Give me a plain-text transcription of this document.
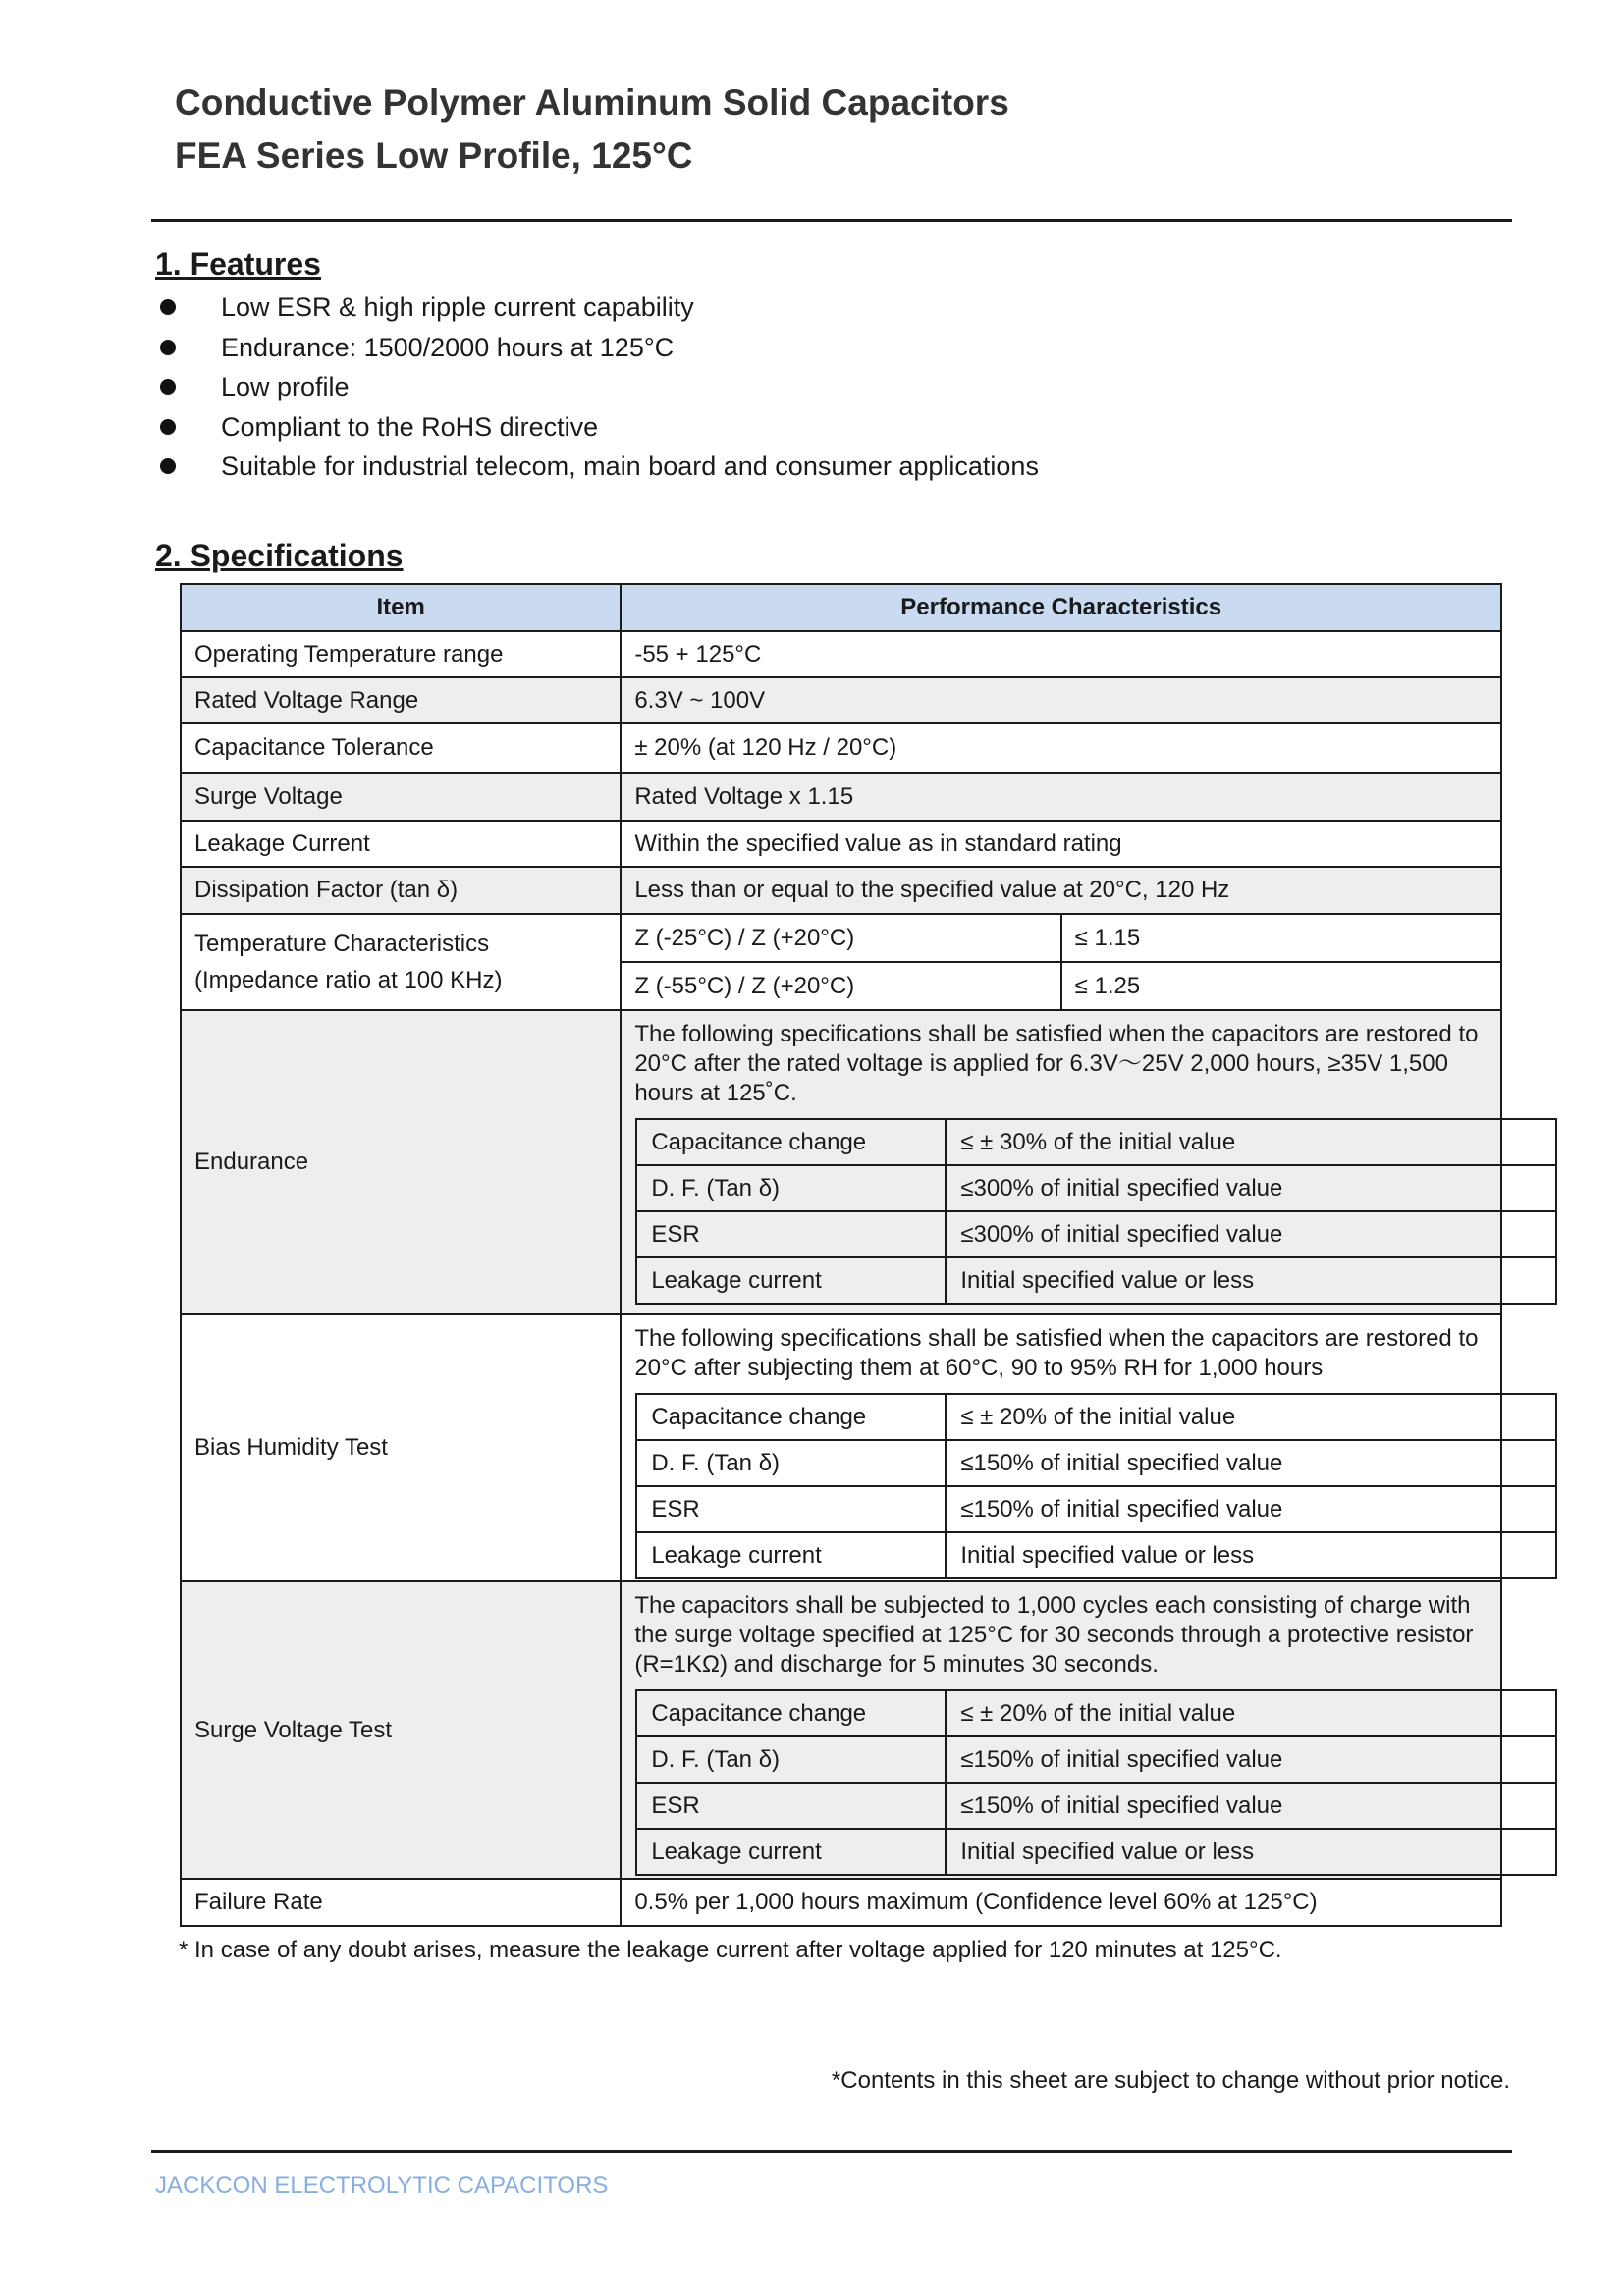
Conductive Polymer Aluminum Solid Capacitors
FEA Series Low Profile, 125°C
1. Features
Low ESR & high ripple current capability
Endurance: 1500/2000 hours at 125°C
Low profile
Compliant to the RoHS directive
Suitable for industrial telecom, main board and consumer applications
2. Specifications
Item	Performance Characteristics
Operating Temperature range	-55 + 125°C
Rated Voltage Range	6.3V ~ 100V
Capacitance Tolerance	± 20% (at 120 Hz / 20°C)
Surge Voltage	Rated Voltage x 1.15
Leakage Current	Within the specified value as in standard rating
Dissipation Factor (tan δ)	Less than or equal to the specified value at 20°C, 120 Hz

Temperature Characteristics
(Impedance ratio at 100 KHz)
	Z (-25°C) / Z (+20°C)	≤ 1.15
Z (-55°C) / Z (+20°C)	≤ 1.25
Endurance	
The following specifications shall be satisfied when the capacitors are restored to 20°C after the rated voltage is applied for 6.3V～25V 2,000 hours, ≥35V 1,500 hours at 125˚C.
Capacitance change	≤ ± 30% of the initial value
D. F. (Tan δ)	≤300% of initial specified value
ESR	≤300% of initial specified value
Leakage current	Initial specified value or less

Bias Humidity Test	
The following specifications shall be satisfied when the capacitors are restored to 20°C after subjecting them at 60°C, 90 to 95% RH for 1,000 hours
Capacitance change	≤ ± 20% of the initial value
D. F. (Tan δ)	≤150% of initial specified value
ESR	≤150% of initial specified value
Leakage current	Initial specified value or less

Surge Voltage Test	
The capacitors shall be subjected to 1,000 cycles each consisting of charge with the surge voltage specified at 125°C for 30 seconds through a protective resistor (R=1KΩ) and discharge for 5 minutes 30 seconds.
Capacitance change	≤ ± 20% of the initial value
D. F. (Tan δ)	≤150% of initial specified value
ESR	≤150% of initial specified value
Leakage current	Initial specified value or less

Failure Rate	0.5% per 1,000 hours maximum (Confidence level 60% at 125°C)

* In case of any doubt arises, measure the leakage current after voltage applied for 120 minutes at 125°C.

*Contents in this sheet are subject to change without prior notice.

JACKCON ELECTROLYTIC CAPACITORS
